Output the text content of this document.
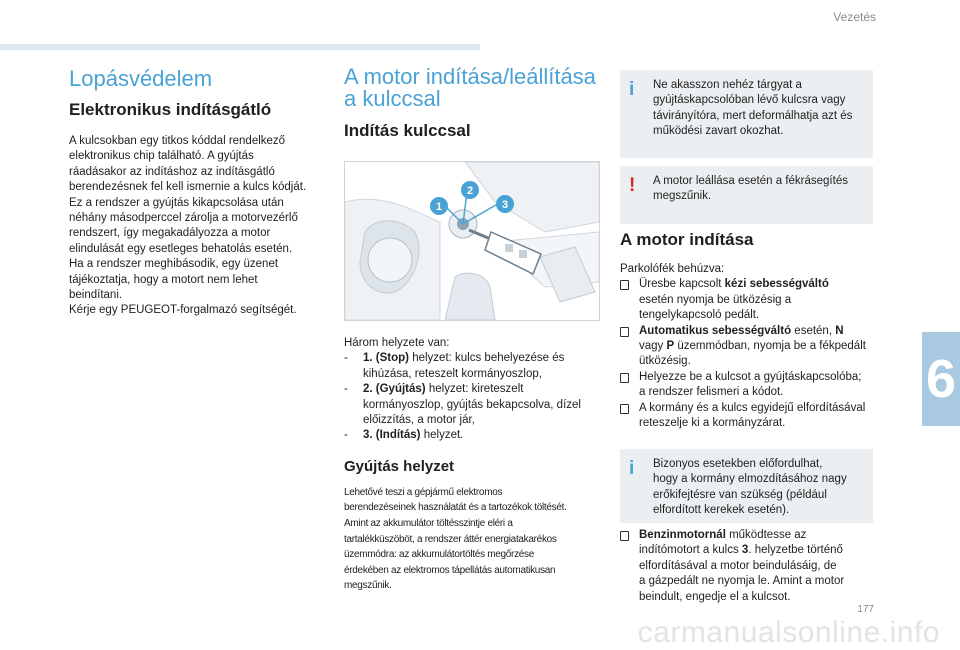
Vezetés
6
177
carmanualsonline.info
Lopásvédelem
Elektronikus indításgátló
A kulcsokban egy titkos kóddal rendelkező
elektronikus chip található. A gyújtás
ráadásakor az indításhoz az indításgátló
berendezésnek fel kell ismernie a kulcs kódját.
Ez a rendszer a gyújtás kikapcsolása után
néhány másodperccel zárolja a motorvezérlő
rendszert, így megakadályozza a motor
elindulását egy esetleges behatolás esetén.
Ha a rendszer meghibásodik, egy üzenet
tájékoztatja, hogy a motort nem lehet
beindítani.
Kérje egy PEUGEOT-forgalmazó segítségét.
A motor indítása/leállítása
a kulccsal
Indítás kulccsal
1
2
3
Három helyzete van:
-	1. (Stop) helyzet: kulcs behelyezése és
kihúzása, reteszelt kormányoszlop,
-	2. (Gyújtás) helyzet: kireteszelt
kormányoszlop, gyújtás bekapcsolva, dízel
előizzítás, a motor jár,
-	3. (Indítás) helyzet.
Gyújtás helyzet
Lehetővé teszi a gépjármű elektromos
berendezéseinek használatát és a tartozékok töltését.
Amint az akkumulátor töltésszintje eléri a
tartalékküszöböt, a rendszer áttér energiatakarékos
üzemmódra: az akkumulátortöltés megőrzése
érdekében az elektromos tápellátás automatikusan
megszűnik.
i Ne akasszon nehéz tárgyat a
gyújtáskapcsolóban lévő kulcsra vagy
távirányítóra, mert deformálhatja azt és
működési zavart okozhat.
! A motor leállása esetén a fékrásegítés
megszűnik.
A motor indítása
Parkolófék behúzva:
Üresbe kapcsolt kézi sebességváltó
esetén nyomja be ütközésig a
tengelykapcsoló pedált.
Automatikus sebességváltó esetén, N
vagy P üzemmódban, nyomja be a fékpedált
ütközésig.
Helyezze be a kulcsot a gyújtáskapcsolóba;
a rendszer felismeri a kódot.
A kormány és a kulcs egyidejű elfordításával
reteszelje ki a kormányzárat.
i Bizonyos esetekben előfordulhat,
hogy a kormány elmozdításához nagy
erőkifejtésre van szükség (például
elfordított kerekek esetén).
Benzinmotornál működtesse az
indítómotort a kulcs 3. helyzetbe történő
elfordításával a motor beindulásáig, de
a gázpedált ne nyomja le. Amint a motor
beindult, engedje el a kulcsot.
